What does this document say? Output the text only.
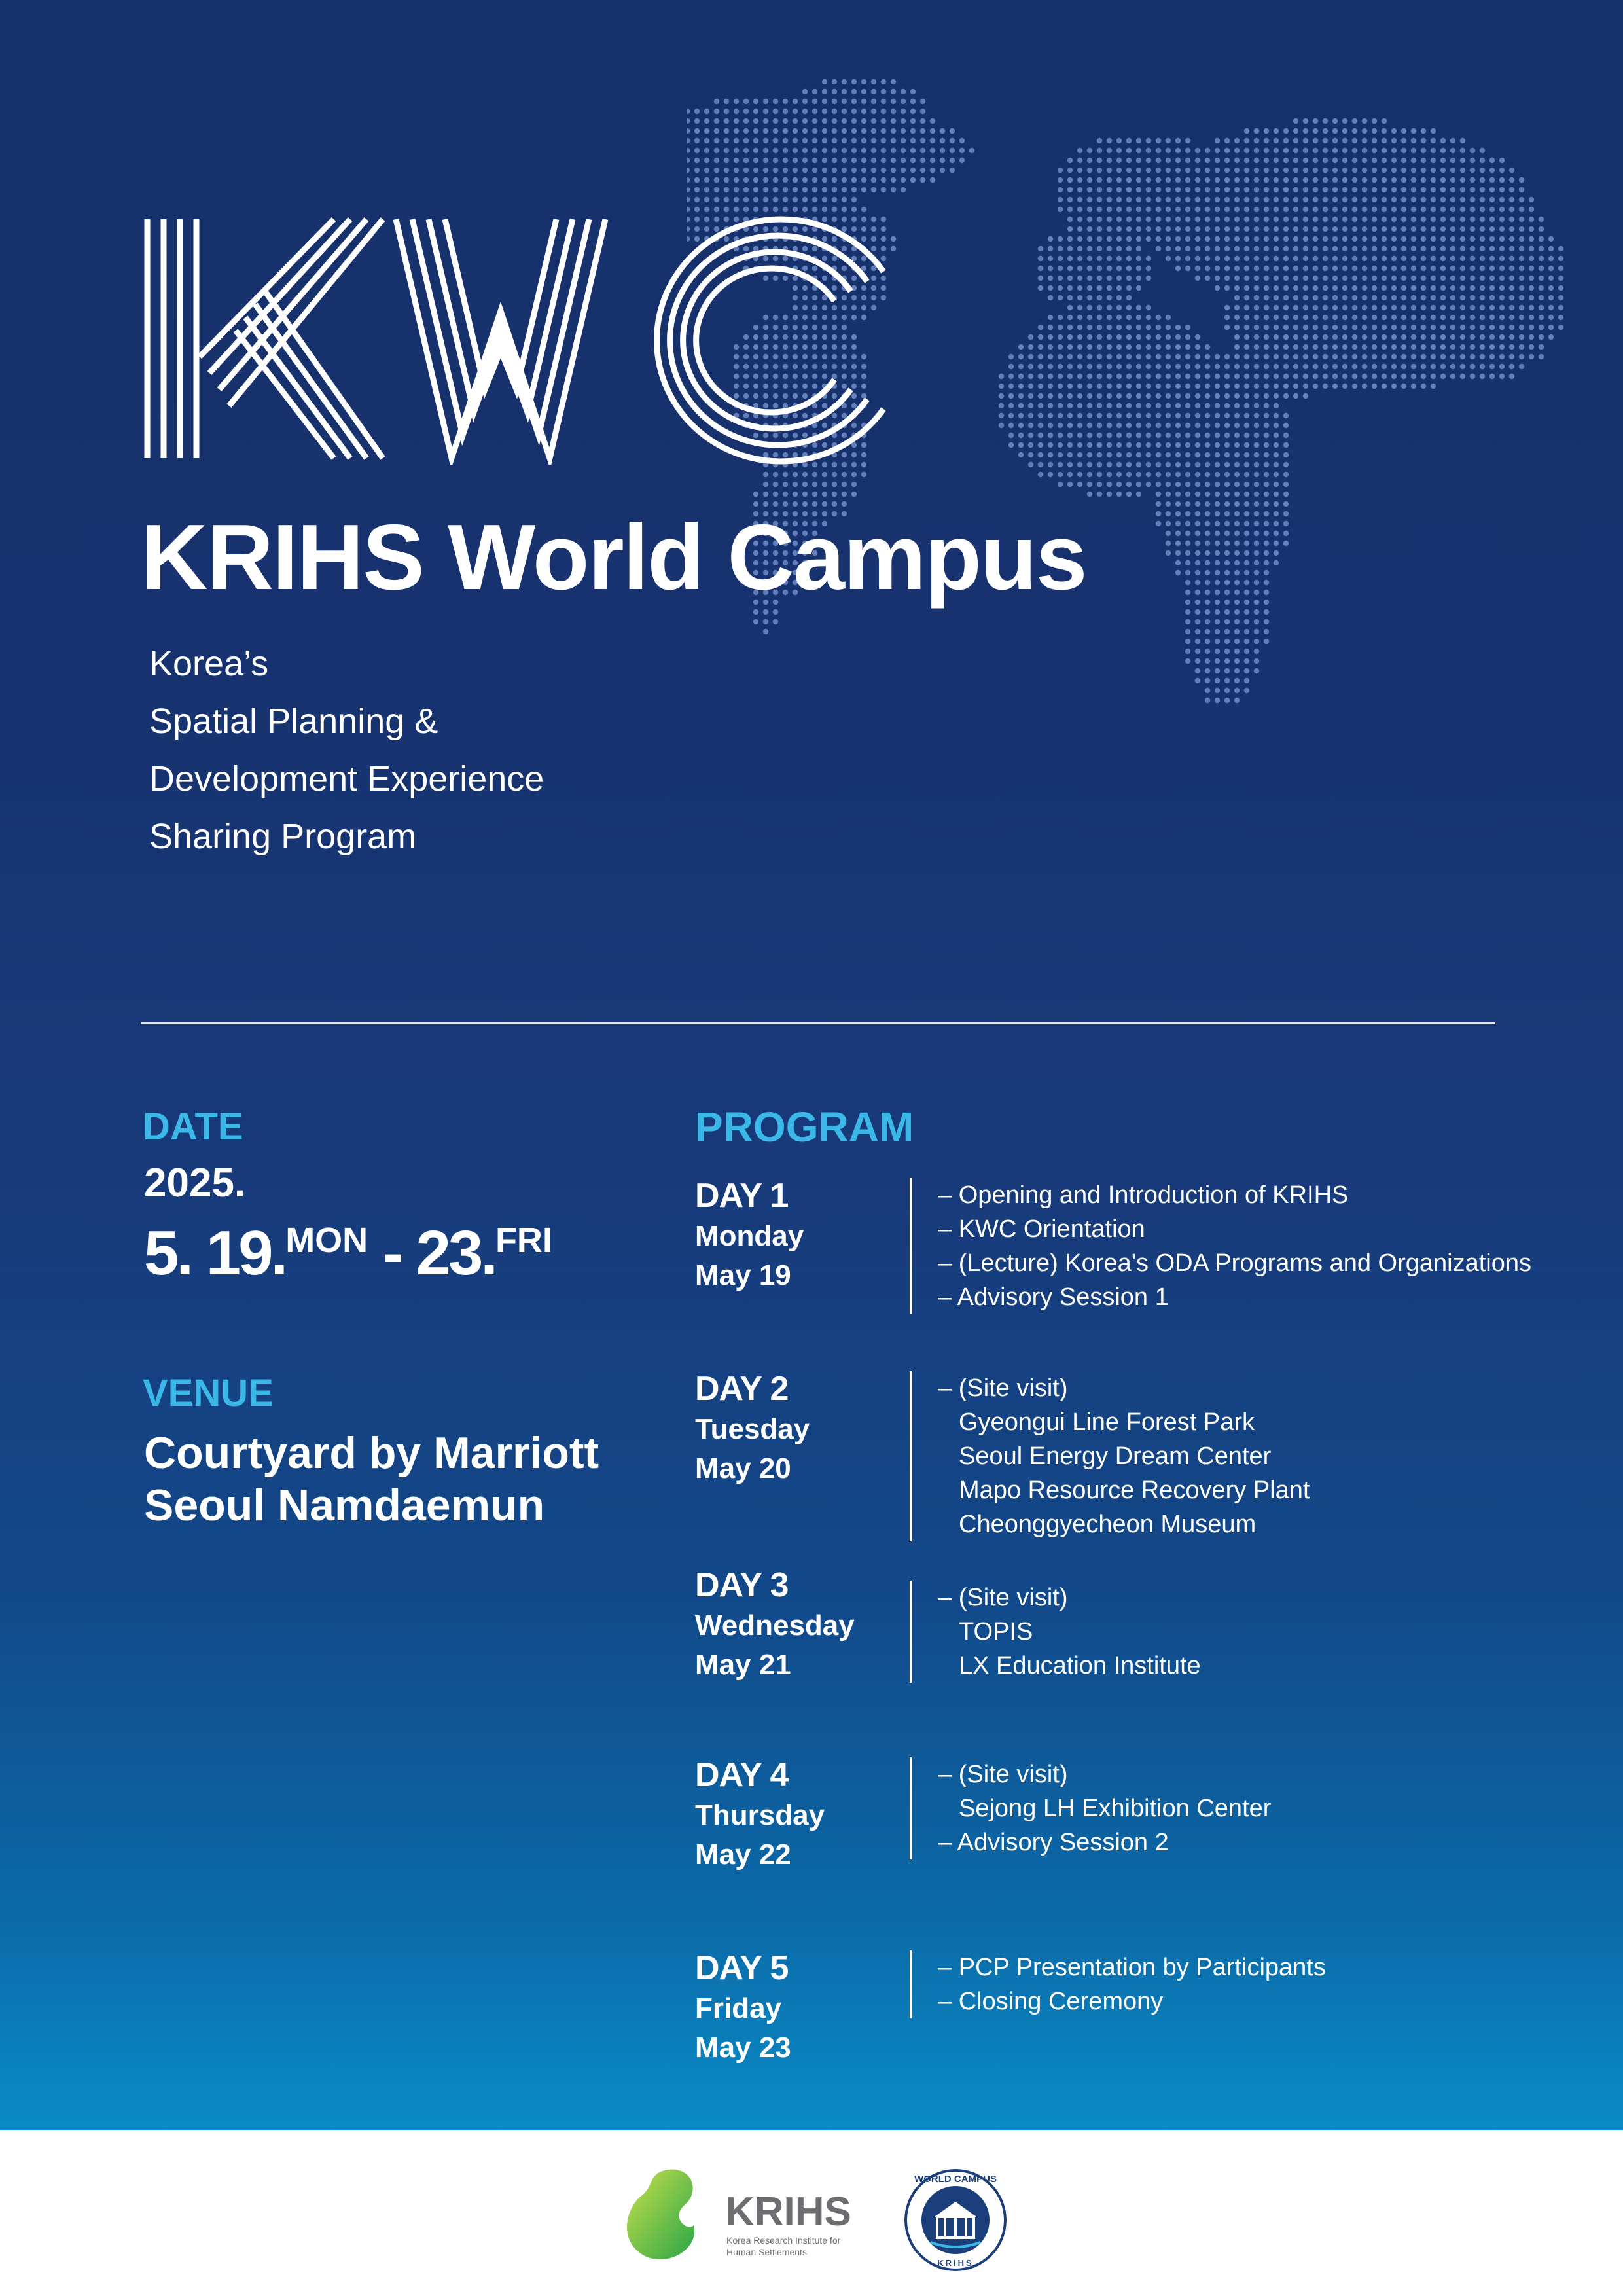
KRIHS World Campus
Korea’s
Spatial Planning &
Development Experience
Sharing Program
DATE
2025.
5. 19.$^{MON}$ - 23.$^{FRI}$
VENUE
Courtyard by Marriott
Seoul Namdaemun
PROGRAM
DAY 1
Monday
May 19
– Opening and Introduction of KRIHS
– KWC Orientation
– (Lecture) Korea's ODA Programs and Organizations
– Advisory Session 1
DAY 2
Tuesday
May 20
– (Site visit)
Gyeongui Line Forest Park
Seoul Energy Dream Center
Mapo Resource Recovery Plant
Cheonggyecheon Museum
DAY 3
Wednesday
May 21
– (Site visit)
TOPIS
LX Education Institute
DAY 4
Thursday
May 22
– (Site visit)
Sejong LH Exhibition Center
– Advisory Session 2
DAY 5
Friday
May 23
– PCP Presentation by Participants
– Closing Ceremony
KRIHS
Korea Research Institute for
Human Settlements
WORLD CAMPUS
KRIHS
